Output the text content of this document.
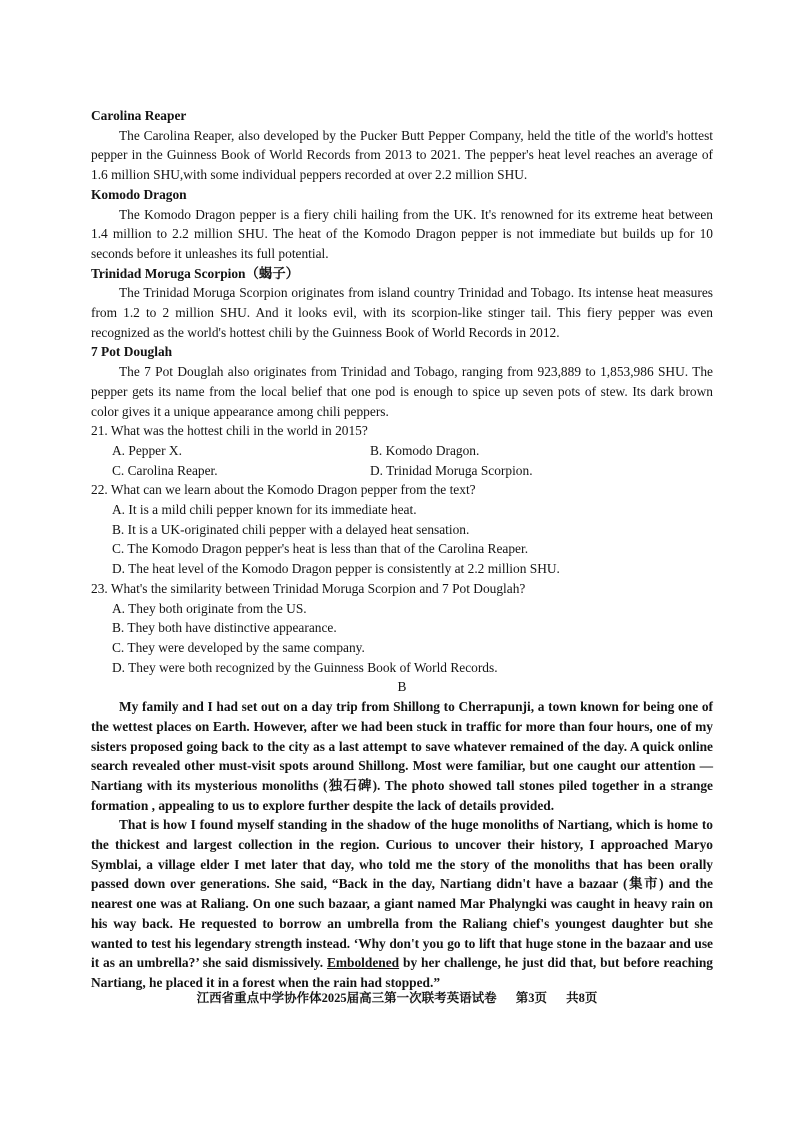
Carolina Reaper

The Carolina Reaper, also developed by the Pucker Butt Pepper Company, held the title of the world's hottest pepper in the Guinness Book of World Records from 2013 to 2021. The pepper's heat level reaches an average of 1.6 million SHU,with some individual peppers recorded at over 2.2 million SHU.

Komodo Dragon

The Komodo Dragon pepper is a fiery chili hailing from the UK. It's renowned for its extreme heat between 1.4 million to 2.2 million SHU. The heat of the Komodo Dragon pepper is not immediate but builds up for 10 seconds before it unleashes its full potential.

Trinidad Moruga Scorpion（蝎子）

The Trinidad Moruga Scorpion originates from island country Trinidad and Tobago. Its intense heat measures from 1.2 to 2 million SHU. And it looks evil, with its scorpion-like stinger tail. This fiery pepper was even recognized as the world's hottest chili by the Guinness Book of World Records in 2012.

7 Pot Douglah

The 7 Pot Douglah also originates from Trinidad and Tobago, ranging from 923,889 to 1,853,986 SHU. The pepper gets its name from the local belief that one pod is enough to spice up seven pots of stew. Its dark brown color gives it a unique appearance among chili peppers.

21. What was the hottest chili in the world in 2015?

A. Pepper X.	B. Komodo Dragon.
C. Carolina Reaper.	D. Trinidad Moruga Scorpion.

22. What can we learn about the Komodo Dragon pepper from the text?

A. It is a mild chili pepper known for its immediate heat.

B. It is a UK-originated chili pepper with a delayed heat sensation.

C. The Komodo Dragon pepper's heat is less than that of the Carolina Reaper.

D. The heat level of the Komodo Dragon pepper is consistently at 2.2 million SHU.

23. What's the similarity between Trinidad Moruga Scorpion and 7 Pot Douglah?

A. They both originate from the US.

B. They both have distinctive appearance.

C. They were developed by the same company.

D. They were both recognized by the Guinness Book of World Records.

B

My family and I had set out on a day trip from Shillong to Cherrapunji, a town known for being one of the wettest places on Earth. However, after we had been stuck in traffic for more than four hours, one of my sisters proposed going back to the city as a last attempt to save whatever remained of the day. A quick online search revealed other must-visit spots around Shillong. Most were familiar, but one caught our attention — Nartiang with its mysterious monoliths (独石碑). The photo showed tall stones piled together in a strange formation , appealing to us to explore further despite the lack of details provided.

That is how I found myself standing in the shadow of the huge monoliths of Nartiang, which is home to the thickest and largest collection in the region. Curious to uncover their history, I approached Maryo Symblai, a village elder I met later that day, who told me the story of the monoliths that has been orally passed down over generations. She said, “Back in the day, Nartiang didn't have a bazaar (集市) and the nearest one was at Raliang. On one such bazaar, a giant named Mar Phalyngki was caught in heavy rain on his way back. He requested to borrow an umbrella from the Raliang chief's youngest daughter but she wanted to test his legendary strength instead. ‘Why don't you go to lift that huge stone in the bazaar and use it as an umbrella?’ she said dismissively. Emboldened by her challenge, he just did that, but before reaching Nartiang, he placed it in a forest when the rain had stopped.”

江西省重点中学协作体2025届高三第一次联考英语试卷 第3页 共8页
